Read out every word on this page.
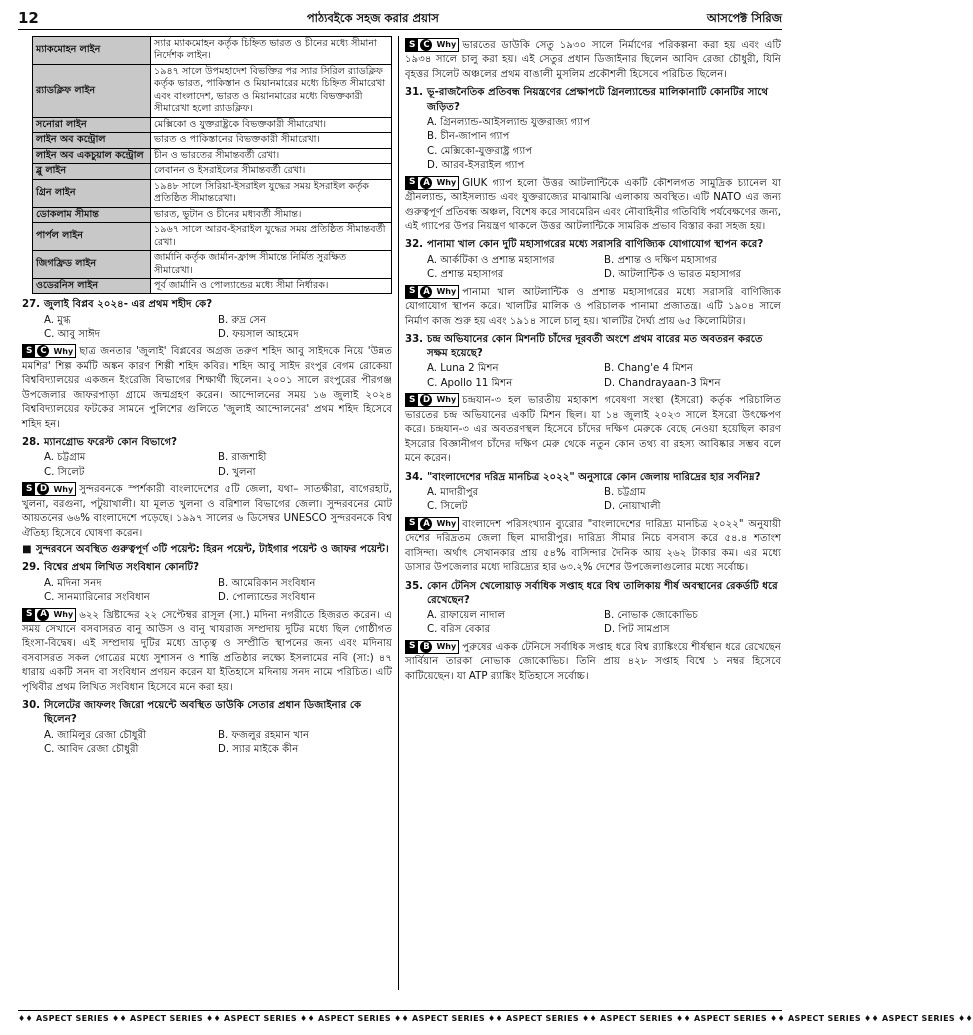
12	পাঠ্যবইকে সহজ করার প্রয়াস	আসপেক্ট সিরিজ
ম্যাকমোহন লাইন	স্যার ম্যাকমোহন কর্তৃক চিহ্নিত ভারত ও চীনের মধ্যে সীমানা নির্দেশক লাইন।
র‌্যাডক্লিফ লাইন	১৯৪৭ সালে উপমহাদেশ বিভক্তির পর স্যার সিরিল র‌্যাডক্লিফ কর্তৃক ভারত, পাকিস্তান ও মিয়ানমারের মধ্যে চিহ্নিত সীমারেখা এবং বাংলাদেশ, ভারত ও মিয়ানমারের মধ্যে বিভক্তকারী সীমারেখা হলো র‌্যাডক্লিফ।
সনোরা লাইন	মেক্সিকো ও যুক্তরাষ্ট্রকে বিভক্তকারী সীমারেখা।
লাইন অব কন্ট্রোল	ভারত ও পাকিস্তানের বিভক্তকারী সীমারেখা।
লাইন অব একচুয়াল কন্ট্রোল	চীন ও ভারতের সীমান্তবর্তী রেখা।
ব্লু লাইন	লেবানন ও ইসরাইলের সীমান্তবর্তী রেখা।
গ্রিন লাইন	১৯৪৮ সালে সিরিয়া-ইসরাইল যুদ্ধের সময় ইসরাইল কর্তৃক প্রতিষ্ঠিত সীমান্তরেখা।
ডোকলাম সীমান্ত	ভারত, ভুটান ও চীনের মধ্যবর্তী সীমান্ত।
পার্পল লাইন	১৯৬৭ সালে আরব-ইসরাইল যুদ্ধের সময় প্রতিষ্ঠিত সীমান্তবর্তী রেখা।
জিগফ্রিড লাইন	জার্মানি কর্তৃক জার্মান-ফ্রান্স সীমান্তে নির্মিত সুরক্ষিত সীমারেখা।
ওডেরনিস লাইন	পূর্ব জার্মানি ও পোল্যান্ডের মধ্যে সীমা নির্ধারক।
27. জুলাই বিপ্লব ২০২৪- এর প্রথম শহীদ কে?
A. মুগ্ধ	B. রুদ্র সেন
C. আবু সাঈদ	D. ফয়সাল আহমেদ
S C Why ছাত্র জনতার 'জুলাই' বিপ্লবের অগ্রজ তরুণ শহিদ আবু সাইদকে নিয়ে 'উন্নত মমশির' শিল্প কর্মটি অঙ্কন কারণ শিল্পী শহিদ কবির। শহিদ আবু সাইদ রংপুর বেগম রোকেয়া বিশ্ববিদ্যালয়ের একজন ইংরেজি বিভাগের শিক্ষার্থী ছিলেন। ২০০১ সালে রংপুরের পীরগঞ্জ উপজেলার জাফরপাড়া গ্রামে জন্মগ্রহণ করেন। আন্দোলনের সময় ১৬ জুলাই ২০২৪ বিশ্ববিদ্যালয়ের ফটকের সামনে পুলিশের গুলিতে 'জুলাই আন্দোলনের' প্রথম শহিদ হিসেবে শহিদ হন।
28. ম্যানগ্রোভ ফরেস্ট কোন বিভাগে?
A. চট্টগ্রাম	B. রাজশাহী
C. সিলেট	D. খুলনা
S D Why সুন্দরবনকে স্পর্শকারী বাংলাদেশের ৫টি জেলা, যথা– সাতক্ষীরা, বাগেরহাট, খুলনা, বরগুনা, পটুয়াখালী। যা মূলত খুলনা ও বরিশাল বিভাগের জেলা। সুন্দরবনের মোট আয়তনের ৬৬% বাংলাদেশে পড়েছে। ১৯৯৭ সালের ৬ ডিসেম্বর UNESCO সুন্দরবনকে বিশ্ব ঐতিহ্য হিসেবে ঘোষণা করেন।
■ সুন্দরবনে অবস্থিত গুরুত্বপূর্ণ ৩টি পয়েন্ট: হিরন পয়েন্ট, টাইগার পয়েন্ট ও জাফর পয়েন্ট।
29. বিশ্বের প্রথম লিখিত সংবিধান কোনটি?
A. মদিনা সনদ	B. আমেরিকান সংবিধান
C. সানম্যারিনোর সংবিধান	D. পোল্যান্ডের সংবিধান
S A Why ৬২২ খ্রিষ্টাব্দের ২২ সেপ্টেম্বর রাসূল (সা.) মদিনা নগরীতে হিজরত করেন। এ সময় সেখানে বসবাসরত বানু আউস ও বানু খাযরাজ সম্প্রদায় দুটির মধ্যে ছিল গোষ্ঠীগত হিংসা-বিদ্বেষ। এই সম্প্রদায় দুটির মধ্যে ভ্রাতৃত্ব ও সম্প্রীতি স্থাপনের জন্য এবং মদিনায় বসবাসরত সকল গোত্রের মধ্যে সুশাসন ও শান্তি প্রতিষ্ঠার লক্ষ্যে ইসলামের নবি (সা:) ৪৭ ধারায় একটি সনদ বা সংবিধান প্রণয়ন করেন যা ইতিহাসে মদিনায় সনদ নামে পরিচিত। এটি পৃথিবীর প্রথম লিখিত সংবিধান হিসেবে মনে করা হয়।
30. সিলেটের জাফলং জিরো পয়েন্টে অবস্থিত ডাউকি সেতার প্রধান ডিজাইনার কে ছিলেন?
A. জামিলুর রেজা চৌধুরী	B. ফজলুর রহমান খান
C. আবিদ রেজা চৌধুরী	D. স্যার মাইকে কীন
S C Why ভারতের ডাউকি সেতু ১৯৩০ সালে নির্মাণের পরিকল্পনা করা হয় এবং এটি ১৯৩৪ সালে চালু করা হয়। এই সেতুর প্রধান ডিজাইনার ছিলেন আবিদ রেজা চৌধুরী, যিনি বৃহত্তর সিলেট অঞ্চলের প্রথম বাঙালী মুসলিম প্রকৌশলী হিসেবে পরিচিত ছিলেন।
31. ভূ-রাজনৈতিক প্রতিবন্ধ নিয়ন্ত্রণের প্রেক্ষাপটে গ্রিনল্যান্ডের মালিকানাটি কোনটির সাথে জড়িত?
A. গ্রিনল্যান্ড-আইসল্যান্ড যুক্তরাজ্য গ্যাপ
B. চীন-জাপান গ্যাপ
C. মেক্সিকো-যুক্তরাষ্ট্র গ্যাপ
D. আরব-ইসরাইল গ্যাপ
S A Why GIUK গ্যাপ হলো উত্তর আটলান্টিকে একটি কৌশলগত সামুদ্রিক চ্যানেল যা গ্রীনল্যান্ড, আইসল্যান্ড এবং যুক্তরাজ্যের মাঝামাঝি এলাকায় অবস্থিত। এটি NATO এর জন্য গুরুত্বপূর্ণ প্রতিবন্ধ অঞ্চল, বিশেষ করে সাবমেরিন এবং নৌবাহিনীর গতিবিধি পর্যবেক্ষণের জন্য, এই গ্যাপের উপর নিয়ন্ত্রণ থাকলে উত্তর আটলান্টিকে সামরিক প্রভাব বিস্তার করা সহজ হয়।
32. পানামা খাল কোন দুটি মহাসাগরের মধ্যে সরাসরি বাণিজ্যিক যোগাযোগ স্থাপন করে?
A. আর্কটিকা ও প্রশান্ত মহাসাগর	B. প্রশান্ত ও দক্ষিণ মহাসাগর
C. প্রশান্ত মহাসাগর	D. আটলান্টিক ও ভারত মহাসাগর
S A Why পানামা খাল আটলান্টিক ও প্রশান্ত মহাসাগরের মধ্যে সরাসরি বাণিজ্যিক যোগাযোগ স্থাপন করে। খালটির মালিক ও পরিচালক পানামা প্রজাতন্ত্র। এটি ১৯০৪ সালে নির্মাণ কাজ শুরু হয় এবং ১৯১৪ সালে চালু হয়। খালটির দৈর্ঘ্য প্রায় ৬৫ কিলোমিটার।
33. চন্দ্র অভিযানের কোন মিশনটি চাঁদের দূরবর্তী অংশে প্রথম বারের মত অবতরন করতে সক্ষম হয়েছে?
A. Luna 2 মিশন	B. Chang'e 4 মিশন
C. Apollo 11 মিশন	D. Chandrayaan-3 মিশন
S D Why চন্দ্রযান-৩ হল ভারতীয় মহাকাশ গবেষণা সংস্থা (ইসরো) কর্তৃক পরিচালিত ভারতের চন্দ্র অভিযানের একটি মিশন ছিল। যা ১৪ জুলাই ২০২৩ সালে ইসরো উৎক্ষেপণ করে। চন্দ্রযান-৩ এর অবতরণস্থল হিসেবে চাঁদের দক্ষিণ মেরুকে বেছে নেওয়া হয়েছিল কারণ ইসরোর বিজ্ঞানীগণ চাঁদের দক্ষিণ মেরু থেকে নতুন কোন তথ্য বা রহস্য আবিষ্কার সম্ভব বলে মনে করেন।
34. "বাংলাদেশের দরিদ্র মানচিত্র ২০২২" অনুসারে কোন জেলায় দারিদ্রের হার সর্বনিম্ন?
A. মাদারীপুর	B. চট্টগ্রাম
C. সিলেট	D. নোয়াখালী
S A Why বাংলাদেশ পরিসংখ্যান ব্যুরোর "বাংলাদেশের দারিদ্র্য মানচিত্র ২০২২" অনুযায়ী দেশের দরিদ্রতম জেলা ছিল মাদারীপুর। দারিদ্র্য সীমার নিচে বসবাস করে ৫৪.৪ শতাংশ বাসিন্দা। অর্থাৎ সেখানকার প্রায় ৫৪% বাসিন্দার দৈনিক আয় ২৬২ টাকার কম। এর মধ্যে ডাসার উপজেলার মধ্যে দারিদ্র্যের হার ৬৩.২% দেশের উপজেলাগুলোর মধ্যে সর্বোচ্চ।
35. কোন টেনিস খেলোয়াড় সর্বাধিক সপ্তাহ ধরে বিশ্ব তালিকায় শীর্ষ অবস্থানের রেকর্ডটি ধরে রেখেছেন?
A. রাফায়েল নাদাল	B. নোভাক জোকোভিচ
C. বরিস বেকার	D. পিট সামপ্রাস
S B Why পুরুষের একক টেনিসে সর্বাধিক সপ্তাহ ধরে বিশ্ব র‌্যাঙ্কিংয়ে শীর্ষস্থান ধরে রেখেছেন সার্বিয়ান তারকা নোভাক জোকোভিচ। তিনি প্রায় ৪২৮ সপ্তাহ বিশ্বে ১ নম্বর হিসেবে কাটিয়েছেন। যা ATP র‌্যাঙ্কিং ইতিহাসে সর্বোচ্চ।
♦♦ ASPECT SERIES ♦♦ ASPECT SERIES ♦♦ ASPECT SERIES ♦♦ ASPECT SERIES ♦♦ ASPECT SERIES ♦♦ ASPECT SERIES ♦♦ ASPECT SERIES ♦♦ ASPECT SERIES ♦♦ ASPECT SERIES ♦♦ ASPECT SERIES ♦♦
